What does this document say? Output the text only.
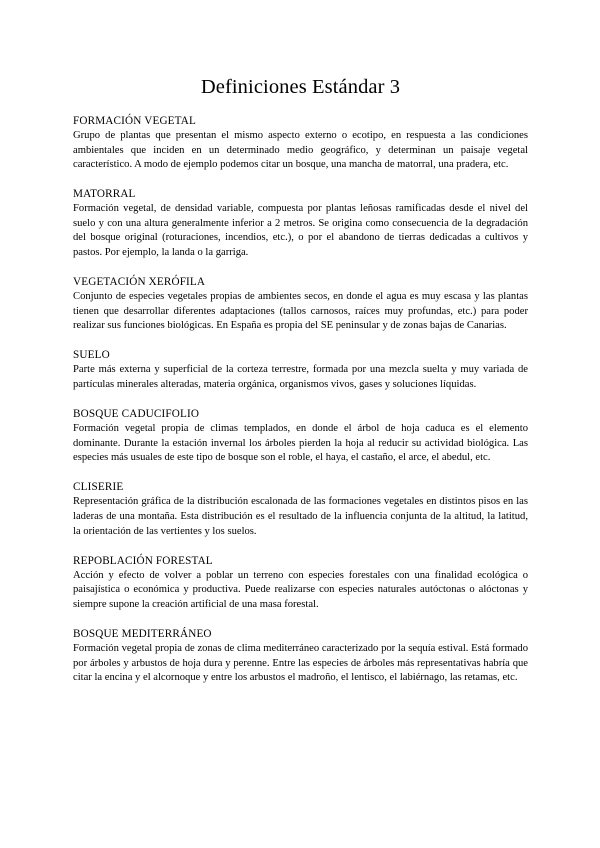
Definiciones Estándar 3

FORMACIÓN VEGETAL

Grupo de plantas que presentan el mismo aspecto externo o ecotipo, en respuesta a las condiciones ambientales que inciden en un determinado medio geográfico, y determinan un paisaje vegetal característico. A modo de ejemplo podemos citar un bosque, una mancha de matorral, una pradera, etc.

MATORRAL

Formación vegetal, de densidad variable, compuesta por plantas leñosas ramificadas desde el nivel del suelo y con una altura generalmente inferior a 2 metros. Se origina como consecuencia de la degradación del bosque original (roturaciones, incendios, etc.), o por el abandono de tierras dedicadas a cultivos y pastos. Por ejemplo, la landa o la garriga.

VEGETACIÓN XERÓFILA

Conjunto de especies vegetales propias de ambientes secos, en donde el agua es muy escasa y las plantas tienen que desarrollar diferentes adaptaciones (tallos carnosos, raíces muy profundas, etc.) para poder realizar sus funciones biológicas. En España es propia del SE peninsular y de zonas bajas de Canarias.

SUELO

Parte más externa y superficial de la corteza terrestre, formada por una mezcla suelta y muy variada de partículas minerales alteradas, materia orgánica, organismos vivos, gases y soluciones líquidas.

BOSQUE CADUCIFOLIO

Formación vegetal propia de climas templados, en donde el árbol de hoja caduca es el elemento dominante. Durante la estación invernal los árboles pierden la hoja al reducir su actividad biológica. Las especies más usuales de este tipo de bosque son el roble, el haya, el castaño, el arce, el abedul, etc.

CLISERIE

Representación gráfica de la distribución escalonada de las formaciones vegetales en distintos pisos en las laderas de una montaña. Esta distribución es el resultado de la influencia conjunta de la altitud, la latitud, la orientación de las vertientes y los suelos.

REPOBLACIÓN FORESTAL

Acción y efecto de volver a poblar un terreno con especies forestales con una finalidad ecológica o paisajística o económica y productiva. Puede realizarse con especies naturales autóctonas o alóctonas y siempre supone la creación artificial de una masa forestal.

BOSQUE MEDITERRÁNEO

Formación vegetal propia de zonas de clima mediterráneo caracterizado por la sequía estival. Está formado por árboles y arbustos de hoja dura y perenne. Entre las especies de árboles más representativas habría que citar la encina y el alcornoque y entre los arbustos el madroño, el lentisco, el labiérnago, las retamas, etc.
